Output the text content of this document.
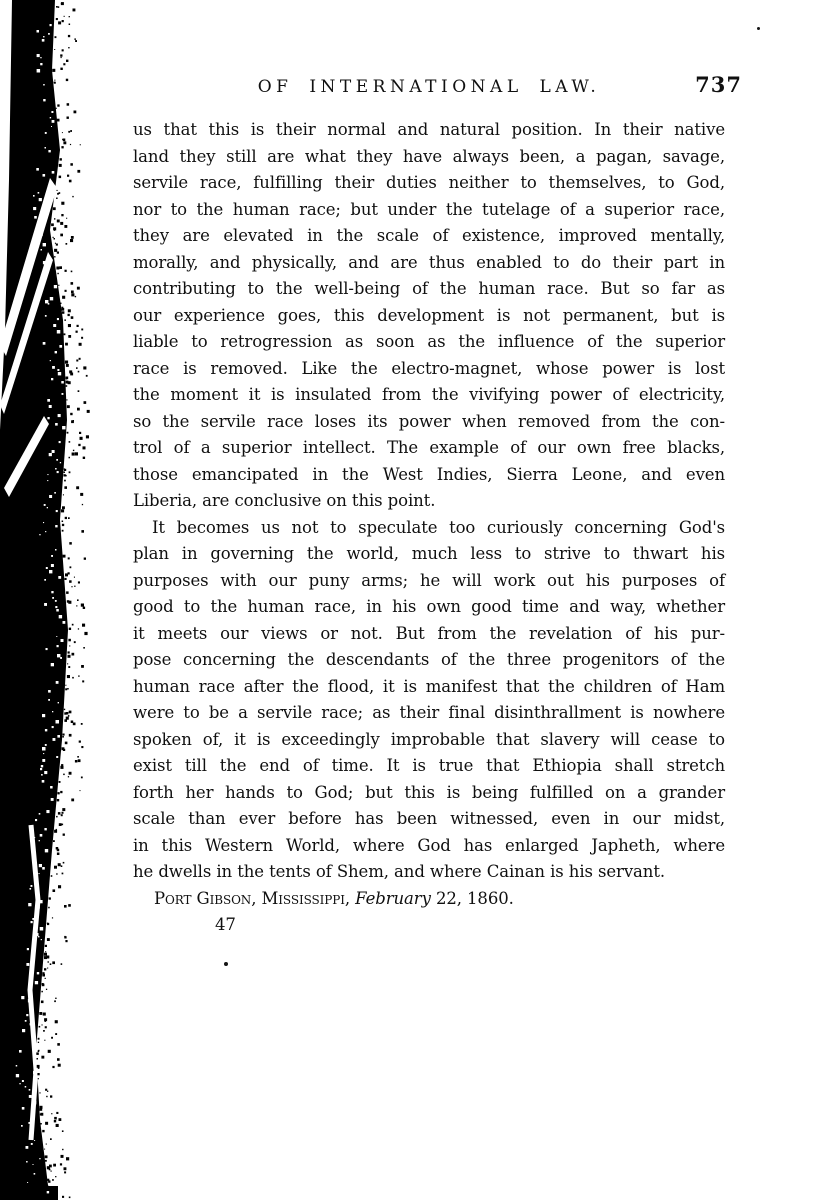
OF INTERNATIONAL LAW.	737
us that this is their normal and natural position. In their native
land they still are what they have always been, a pagan, savage,
servile race, fulfilling their duties neither to themselves, to God,
nor to the human race; but under the tutelage of a superior race,
they are elevated in the scale of existence, improved mentally,
morally, and physically, and are thus enabled to do their part in
contributing to the well-being of the human race. But so far as
our experience goes, this development is not permanent, but is
liable to retrogression as soon as the influence of the superior
race is removed. Like the electro-magnet, whose power is lost
the moment it is insulated from the vivifying power of electricity,
so the servile race loses its power when removed from the con-
trol of a superior intellect. The example of our own free blacks,
those emancipated in the West Indies, Sierra Leone, and even
Liberia, are conclusive on this point.
It becomes us not to speculate too curiously concerning God's
plan in governing the world, much less to strive to thwart his
purposes with our puny arms; he will work out his purposes of
good to the human race, in his own good time and way, whether
it meets our views or not. But from the revelation of his pur-
pose concerning the descendants of the three progenitors of the
human race after the flood, it is manifest that the children of Ham
were to be a servile race; as their final disinthrallment is nowhere
spoken of, it is exceedingly improbable that slavery will cease to
exist till the end of time. It is true that Ethiopia shall stretch
forth her hands to God; but this is being fulfilled on a grander
scale than ever before has been witnessed, even in our midst,
in this Western World, where God has enlarged Japheth, where
he dwells in the tents of Shem, and where Cainan is his servant.
Port Gibson, Mississippi, February 22, 1860.
47
